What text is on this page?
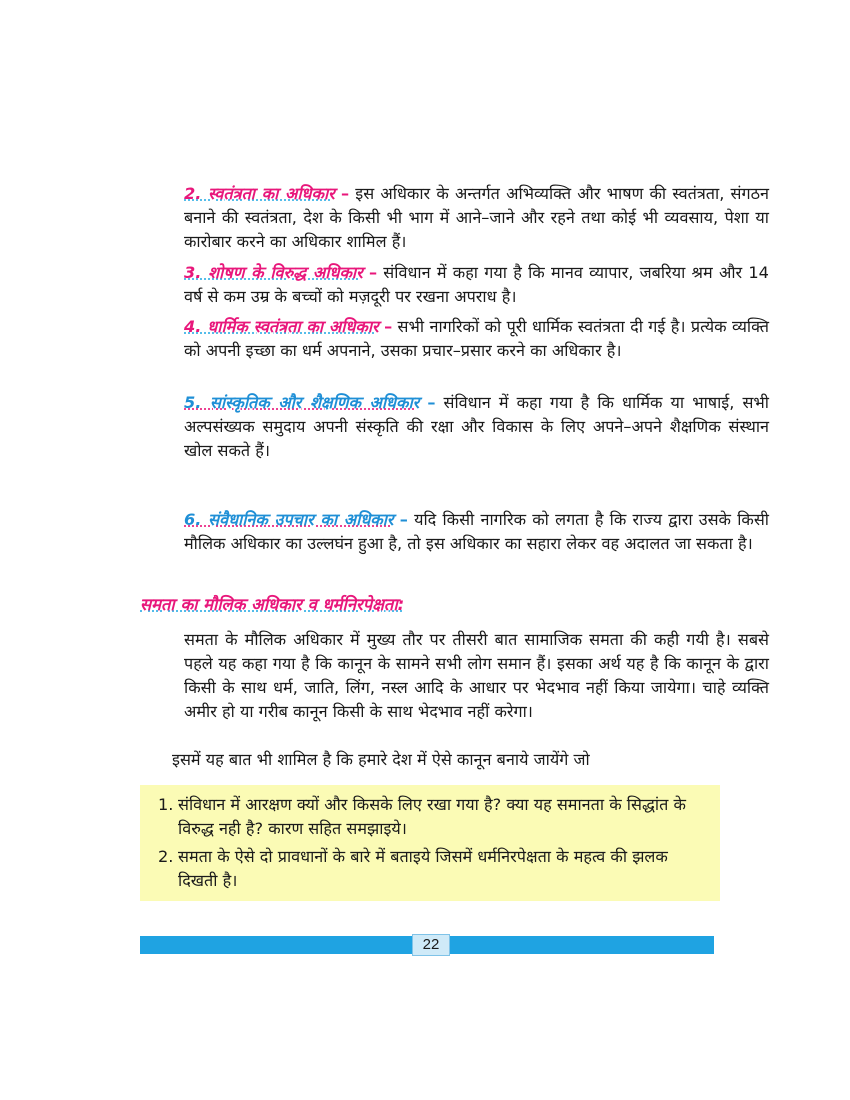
2. स्वतंत्रता का अधिकार – इस अधिकार के अन्तर्गत अभिव्यक्ति और भाषण की स्वतंत्रता, संगठन बनाने की स्वतंत्रता, देश के किसी भी भाग में आने–जाने और रहने तथा कोई भी व्यवसाय, पेशा या कारोबार करने का अधिकार शामिल हैं।
3. शोषण के विरुद्ध अधिकार – संविधान में कहा गया है कि मानव व्यापार, जबरिया श्रम और 14 वर्ष से कम उम्र के बच्चों को मज़दूरी पर रखना अपराध है।
4. धार्मिक स्वतंत्रता का अधिकार – सभी नागरिकों को पूरी धार्मिक स्वतंत्रता दी गई है। प्रत्येक व्यक्ति को अपनी इच्छा का धर्म अपनाने, उसका प्रचार–प्रसार करने का अधिकार है।
5. सांस्कृतिक और शैक्षणिक अधिकार – संविधान में कहा गया है कि धार्मिक या भाषाई, सभी अल्पसंख्यक समुदाय अपनी संस्कृति की रक्षा और विकास के लिए अपने–अपने शैक्षणिक संस्थान खोल सकते हैं।
6. संवैधानिक उपचार का अधिकार – यदि किसी नागरिक को लगता है कि राज्य द्वारा उसके किसी मौलिक अधिकार का उल्लघंन हुआ है, तो इस अधिकार का सहारा लेकर वह अदालत जा सकता है।
समता का मौलिक अधिकार व धर्मनिरपेक्षता:
समता के मौलिक अधिकार में मुख्य तौर पर तीसरी बात सामाजिक समता की कही गयी है। सबसे पहले यह कहा गया है कि कानून के सामने सभी लोग समान हैं। इसका अर्थ यह है कि कानून के द्वारा किसी के साथ धर्म, जाति, लिंग, नस्ल आदि के आधार पर भेदभाव नहीं किया जायेगा। चाहे व्यक्ति अमीर हो या गरीब कानून किसी के साथ भेदभाव नहीं करेगा।
इसमें यह बात भी शामिल है कि हमारे देश में ऐसे कानून बनाये जायेंगे जो

1. संविधान में आरक्षण क्यों और किसके लिए रखा गया है? क्या यह समानता के सिद्धांत के विरुद्ध नही है? कारण सहित समझाइये।
2. समता के ऐसे दो प्रावधानों के बारे में बताइये जिसमें धर्मनिरपेक्षता के महत्व की झलक दिखती है।
22
